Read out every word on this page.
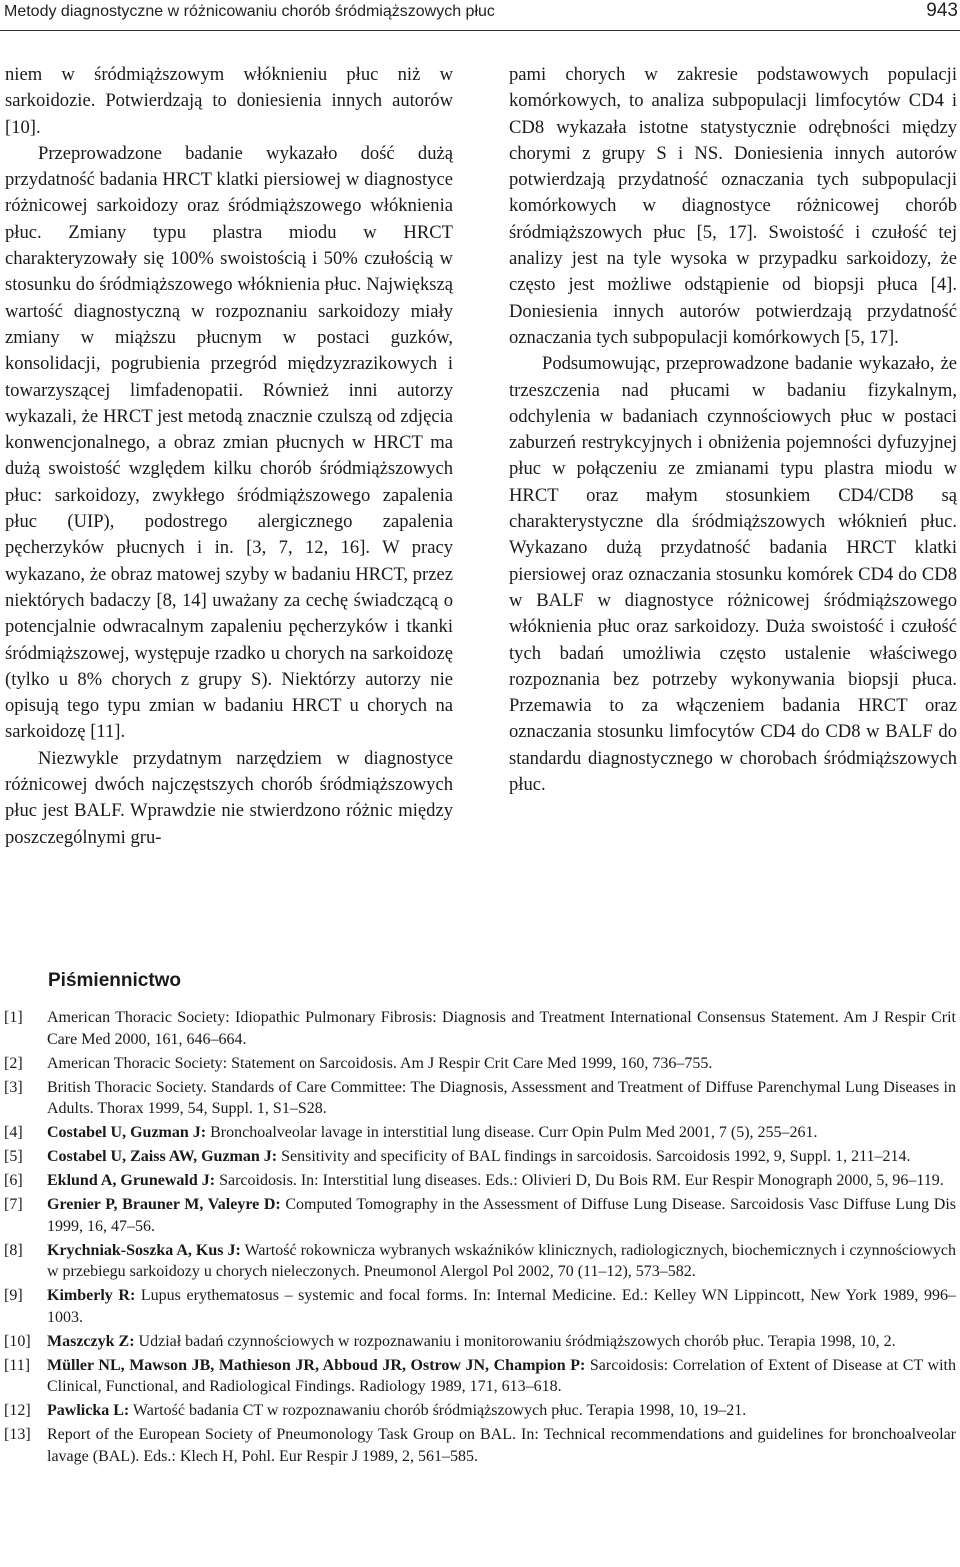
Metody diagnostyczne w różnicowaniu chorób śródmiąższowych płuc	943

niem w śródmiąższowym włóknieniu płuc niż w sarkoidozie. Potwierdzają to doniesienia innych autorów [10].

Przeprowadzone badanie wykazało dość dużą przydatność badania HRCT klatki piersiowej w diagnostyce różnicowej sarkoidozy oraz śródmiąższowego włóknienia płuc. Zmiany typu plastra miodu w HRCT charakteryzowały się 100% swoistością i 50% czułością w stosunku do śródmiąższowego włóknienia płuc. Największą wartość diagnostyczną w rozpoznaniu sarkoidozy miały zmiany w miąższu płucnym w postaci guzków, konsolidacji, pogrubienia przegród międzyzrazikowych i towarzyszącej limfadenopatii. Również inni autorzy wykazali, że HRCT jest metodą znacznie czulszą od zdjęcia konwencjonalnego, a obraz zmian płucnych w HRCT ma dużą swoistość względem kilku chorób śródmiąższowych płuc: sarkoidozy, zwykłego śródmiąższowego zapalenia płuc (UIP), podostrego alergicznego zapalenia pęcherzyków płucnych i in. [3, 7, 12, 16]. W pracy wykazano, że obraz matowej szyby w badaniu HRCT, przez niektórych badaczy [8, 14] uważany za cechę świadczącą o potencjalnie odwracalnym zapaleniu pęcherzyków i tkanki śródmiąższowej, występuje rzadko u chorych na sarkoidozę (tylko u 8% chorych z grupy S). Niektórzy autorzy nie opisują tego typu zmian w badaniu HRCT u chorych na sarkoidozę [11].

Niezwykle przydatnym narzędziem w diagnostyce różnicowej dwóch najczęstszych chorób śródmiąższowych płuc jest BALF. Wprawdzie nie stwierdzono różnic między poszczególnymi gru-

pami chorych w zakresie podstawowych populacji komórkowych, to analiza subpopulacji limfocytów CD4 i CD8 wykazała istotne statystycznie odrębności między chorymi z grupy S i NS. Doniesienia innych autorów potwierdzają przydatność oznaczania tych subpopulacji komórkowych w diagnostyce różnicowej chorób śródmiąższowych płuc [5, 17]. Swoistość i czułość tej analizy jest na tyle wysoka w przypadku sarkoidozy, że często jest możliwe odstąpienie od biopsji płuca [4]. Doniesienia innych autorów potwierdzają przydatność oznaczania tych subpopulacji komórkowych [5, 17].

Podsumowując, przeprowadzone badanie wykazało, że trzeszczenia nad płucami w badaniu fizykalnym, odchylenia w badaniach czynnościowych płuc w postaci zaburzeń restrykcyjnych i obniżenia pojemności dyfuzyjnej płuc w połączeniu ze zmianami typu plastra miodu w HRCT oraz małym stosunkiem CD4/CD8 są charakterystyczne dla śródmiąższowych włóknień płuc. Wykazano dużą przydatność badania HRCT klatki piersiowej oraz oznaczania stosunku komórek CD4 do CD8 w BALF w diagnostyce różnicowej śródmiąższowego włóknienia płuc oraz sarkoidozy. Duża swoistość i czułość tych badań umożliwia często ustalenie właściwego rozpoznania bez potrzeby wykonywania biopsji płuca. Przemawia to za włączeniem badania HRCT oraz oznaczania stosunku limfocytów CD4 do CD8 w BALF do standardu diagnostycznego w chorobach śródmiąższowych płuc.

Piśmiennictwo
[1] American Thoracic Society: Idiopathic Pulmonary Fibrosis: Diagnosis and Treatment International Consensus Statement. Am J Respir Crit Care Med 2000, 161, 646–664.
[2] American Thoracic Society: Statement on Sarcoidosis. Am J Respir Crit Care Med 1999, 160, 736–755.
[3] British Thoracic Society. Standards of Care Committee: The Diagnosis, Assessment and Treatment of Diffuse Parenchymal Lung Diseases in Adults. Thorax 1999, 54, Suppl. 1, S1–S28.
[4] Costabel U, Guzman J: Bronchoalveolar lavage in interstitial lung disease. Curr Opin Pulm Med 2001, 7 (5), 255–261.
[5] Costabel U, Zaiss AW, Guzman J: Sensitivity and specificity of BAL findings in sarcoidosis. Sarcoidosis 1992, 9, Suppl. 1, 211–214.
[6] Eklund A, Grunewald J: Sarcoidosis. In: Interstitial lung diseases. Eds.: Olivieri D, Du Bois RM. Eur Respir Monograph 2000, 5, 96–119.
[7] Grenier P, Brauner M, Valeyre D: Computed Tomography in the Assessment of Diffuse Lung Disease. Sarcoidosis Vasc Diffuse Lung Dis 1999, 16, 47–56.
[8] Krychniak-Soszka A, Kus J: Wartość rokownicza wybranych wskaźników klinicznych, radiologicznych, biochemicznych i czynnościowych w przebiegu sarkoidozy u chorych nieleczonych. Pneumonol Alergol Pol 2002, 70 (11–12), 573–582.
[9] Kimberly R: Lupus erythematosus – systemic and focal forms. In: Internal Medicine. Ed.: Kelley WN Lippincott, New York 1989, 996–1003.
[10] Maszczyk Z: Udział badań czynnościowych w rozpoznawaniu i monitorowaniu śródmiąższowych chorób płuc. Terapia 1998, 10, 2.
[11] Müller NL, Mawson JB, Mathieson JR, Abboud JR, Ostrow JN, Champion P: Sarcoidosis: Correlation of Extent of Disease at CT with Clinical, Functional, and Radiological Findings. Radiology 1989, 171, 613–618.
[12] Pawlicka L: Wartość badania CT w rozpoznawaniu chorób śródmiąższowych płuc. Terapia 1998, 10, 19–21.
[13] Report of the European Society of Pneumonology Task Group on BAL. In: Technical recommendations and guidelines for bronchoalveolar lavage (BAL). Eds.: Klech H, Pohl. Eur Respir J 1989, 2, 561–585.
